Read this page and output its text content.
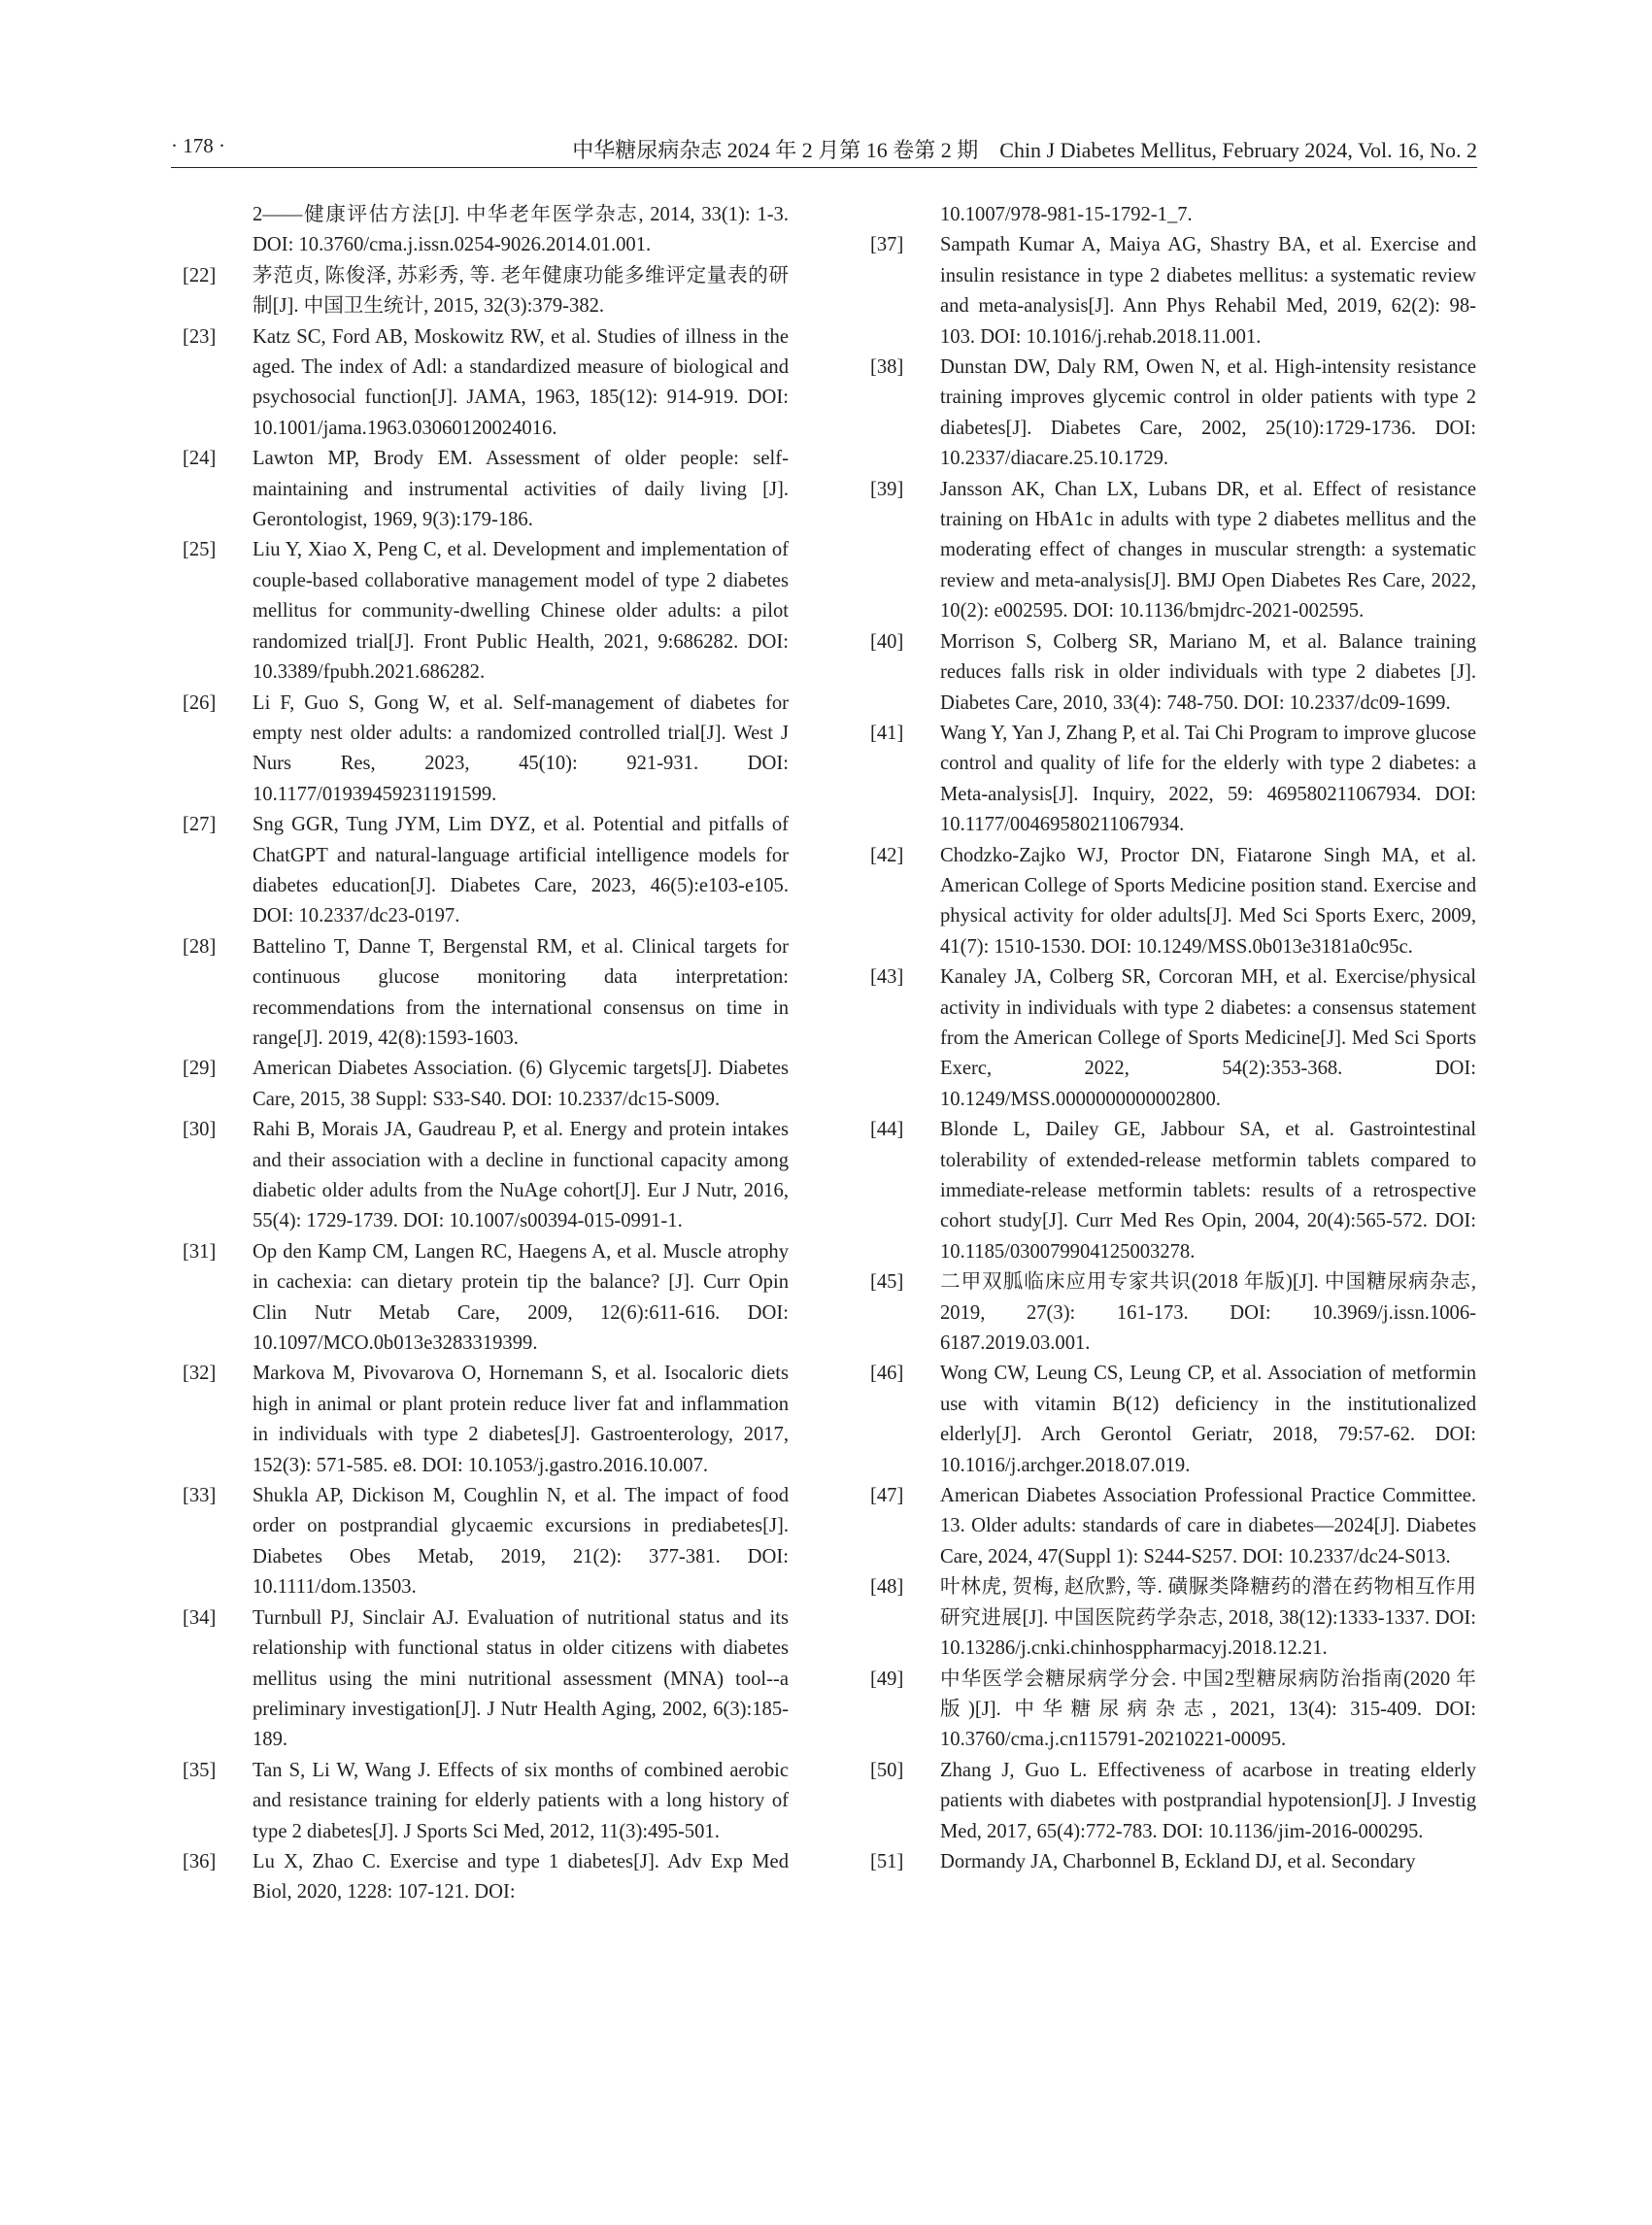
· 178 ·	中华糖尿病杂志 2024 年 2 月第 16 卷第 2 期　Chin J Diabetes Mellitus, February 2024, Vol. 16, No. 2
2——健康评估方法[J]. 中华老年医学杂志, 2014, 33(1): 1-3. DOI: 10.3760/cma.j.issn.0254-9026.2014.01.001.
[22] 茅范贞, 陈俊泽, 苏彩秀, 等. 老年健康功能多维评定量表的研制[J]. 中国卫生统计, 2015, 32(3):379-382.
[23] Katz SC, Ford AB, Moskowitz RW, et al. Studies of illness in the aged. The index of Adl: a standardized measure of biological and psychosocial function[J]. JAMA, 1963, 185(12): 914-919. DOI: 10.1001/jama.1963.03060120024016.
[24] Lawton MP, Brody EM. Assessment of older people: self-maintaining and instrumental activities of daily living [J]. Gerontologist, 1969, 9(3):179-186.
[25] Liu Y, Xiao X, Peng C, et al. Development and implementation of couple-based collaborative management model of type 2 diabetes mellitus for community-dwelling Chinese older adults: a pilot randomized trial[J]. Front Public Health, 2021, 9:686282. DOI: 10.3389/fpubh.2021.686282.
[26] Li F, Guo S, Gong W, et al. Self-management of diabetes for empty nest older adults: a randomized controlled trial[J]. West J Nurs Res, 2023, 45(10): 921-931. DOI: 10.1177/01939459231191599.
[27] Sng GGR, Tung JYM, Lim DYZ, et al. Potential and pitfalls of ChatGPT and natural-language artificial intelligence models for diabetes education[J]. Diabetes Care, 2023, 46(5):e103-e105. DOI: 10.2337/dc23-0197.
[28] Battelino T, Danne T, Bergenstal RM, et al. Clinical targets for continuous glucose monitoring data interpretation: recommendations from the international consensus on time in range[J]. 2019, 42(8):1593-1603.
[29] American Diabetes Association. (6) Glycemic targets[J]. Diabetes Care, 2015, 38 Suppl: S33-S40. DOI: 10.2337/dc15-S009.
[30] Rahi B, Morais JA, Gaudreau P, et al. Energy and protein intakes and their association with a decline in functional capacity among diabetic older adults from the NuAge cohort[J]. Eur J Nutr, 2016, 55(4): 1729-1739. DOI: 10.1007/s00394-015-0991-1.
[31] Op den Kamp CM, Langen RC, Haegens A, et al. Muscle atrophy in cachexia: can dietary protein tip the balance? [J]. Curr Opin Clin Nutr Metab Care, 2009, 12(6):611-616. DOI: 10.1097/MCO.0b013e3283319399.
[32] Markova M, Pivovarova O, Hornemann S, et al. Isocaloric diets high in animal or plant protein reduce liver fat and inflammation in individuals with type 2 diabetes[J]. Gastroenterology, 2017, 152(3): 571-585. e8. DOI: 10.1053/j.gastro.2016.10.007.
[33] Shukla AP, Dickison M, Coughlin N, et al. The impact of food order on postprandial glycaemic excursions in prediabetes[J]. Diabetes Obes Metab, 2019, 21(2): 377-381. DOI: 10.1111/dom.13503.
[34] Turnbull PJ, Sinclair AJ. Evaluation of nutritional status and its relationship with functional status in older citizens with diabetes mellitus using the mini nutritional assessment (MNA) tool--a preliminary investigation[J]. J Nutr Health Aging, 2002, 6(3):185-189.
[35] Tan S, Li W, Wang J. Effects of six months of combined aerobic and resistance training for elderly patients with a long history of type 2 diabetes[J]. J Sports Sci Med, 2012, 11(3):495-501.
[36] Lu X, Zhao C. Exercise and type 1 diabetes[J]. Adv Exp Med Biol, 2020, 1228: 107-121. DOI:
10.1007/978-981-15-1792-1_7.
[37] Sampath Kumar A, Maiya AG, Shastry BA, et al. Exercise and insulin resistance in type 2 diabetes mellitus: a systematic review and meta-analysis[J]. Ann Phys Rehabil Med, 2019, 62(2): 98-103. DOI: 10.1016/j.rehab.2018.11.001.
[38] Dunstan DW, Daly RM, Owen N, et al. High-intensity resistance training improves glycemic control in older patients with type 2 diabetes[J]. Diabetes Care, 2002, 25(10):1729-1736. DOI: 10.2337/diacare.25.10.1729.
[39] Jansson AK, Chan LX, Lubans DR, et al. Effect of resistance training on HbA1c in adults with type 2 diabetes mellitus and the moderating effect of changes in muscular strength: a systematic review and meta-analysis[J]. BMJ Open Diabetes Res Care, 2022, 10(2): e002595. DOI: 10.1136/bmjdrc-2021-002595.
[40] Morrison S, Colberg SR, Mariano M, et al. Balance training reduces falls risk in older individuals with type 2 diabetes [J]. Diabetes Care, 2010, 33(4): 748-750. DOI: 10.2337/dc09-1699.
[41] Wang Y, Yan J, Zhang P, et al. Tai Chi Program to improve glucose control and quality of life for the elderly with type 2 diabetes: a Meta-analysis[J]. Inquiry, 2022, 59: 469580211067934. DOI: 10.1177/00469580211067934.
[42] Chodzko-Zajko WJ, Proctor DN, Fiatarone Singh MA, et al. American College of Sports Medicine position stand. Exercise and physical activity for older adults[J]. Med Sci Sports Exerc, 2009, 41(7): 1510-1530. DOI: 10.1249/MSS.0b013e3181a0c95c.
[43] Kanaley JA, Colberg SR, Corcoran MH, et al. Exercise/physical activity in individuals with type 2 diabetes: a consensus statement from the American College of Sports Medicine[J]. Med Sci Sports Exerc, 2022, 54(2):353-368. DOI: 10.1249/MSS.0000000000002800.
[44] Blonde L, Dailey GE, Jabbour SA, et al. Gastrointestinal tolerability of extended-release metformin tablets compared to immediate-release metformin tablets: results of a retrospective cohort study[J]. Curr Med Res Opin, 2004, 20(4):565-572. DOI: 10.1185/030079904125003278.
[45] 二甲双胍临床应用专家共识(2018 年版)[J]. 中国糖尿病杂志, 2019, 27(3): 161-173. DOI: 10.3969/j.issn.1006-6187.2019.03.001.
[46] Wong CW, Leung CS, Leung CP, et al. Association of metformin use with vitamin B(12) deficiency in the institutionalized elderly[J]. Arch Gerontol Geriatr, 2018, 79:57-62. DOI: 10.1016/j.archger.2018.07.019.
[47] American Diabetes Association Professional Practice Committee. 13. Older adults: standards of care in diabetes—2024[J]. Diabetes Care, 2024, 47(Suppl 1): S244-S257. DOI: 10.2337/dc24-S013.
[48] 叶林虎, 贺梅, 赵欣黔, 等. 磺脲类降糖药的潜在药物相互作用研究进展[J]. 中国医院药学杂志, 2018, 38(12):1333-1337. DOI: 10.13286/j.cnki.chinhosppharmacyj.2018.12.21.
[49] 中华医学会糖尿病学分会. 中国2型糖尿病防治指南(2020 年版)[J]. 中华糖尿病杂志, 2021, 13(4): 315-409. DOI: 10.3760/cma.j.cn115791-20210221-00095.
[50] Zhang J, Guo L. Effectiveness of acarbose in treating elderly patients with diabetes with postprandial hypotension[J]. J Investig Med, 2017, 65(4):772-783. DOI: 10.1136/jim-2016-000295.
[51] Dormandy JA, Charbonnel B, Eckland DJ, et al. Secondary
